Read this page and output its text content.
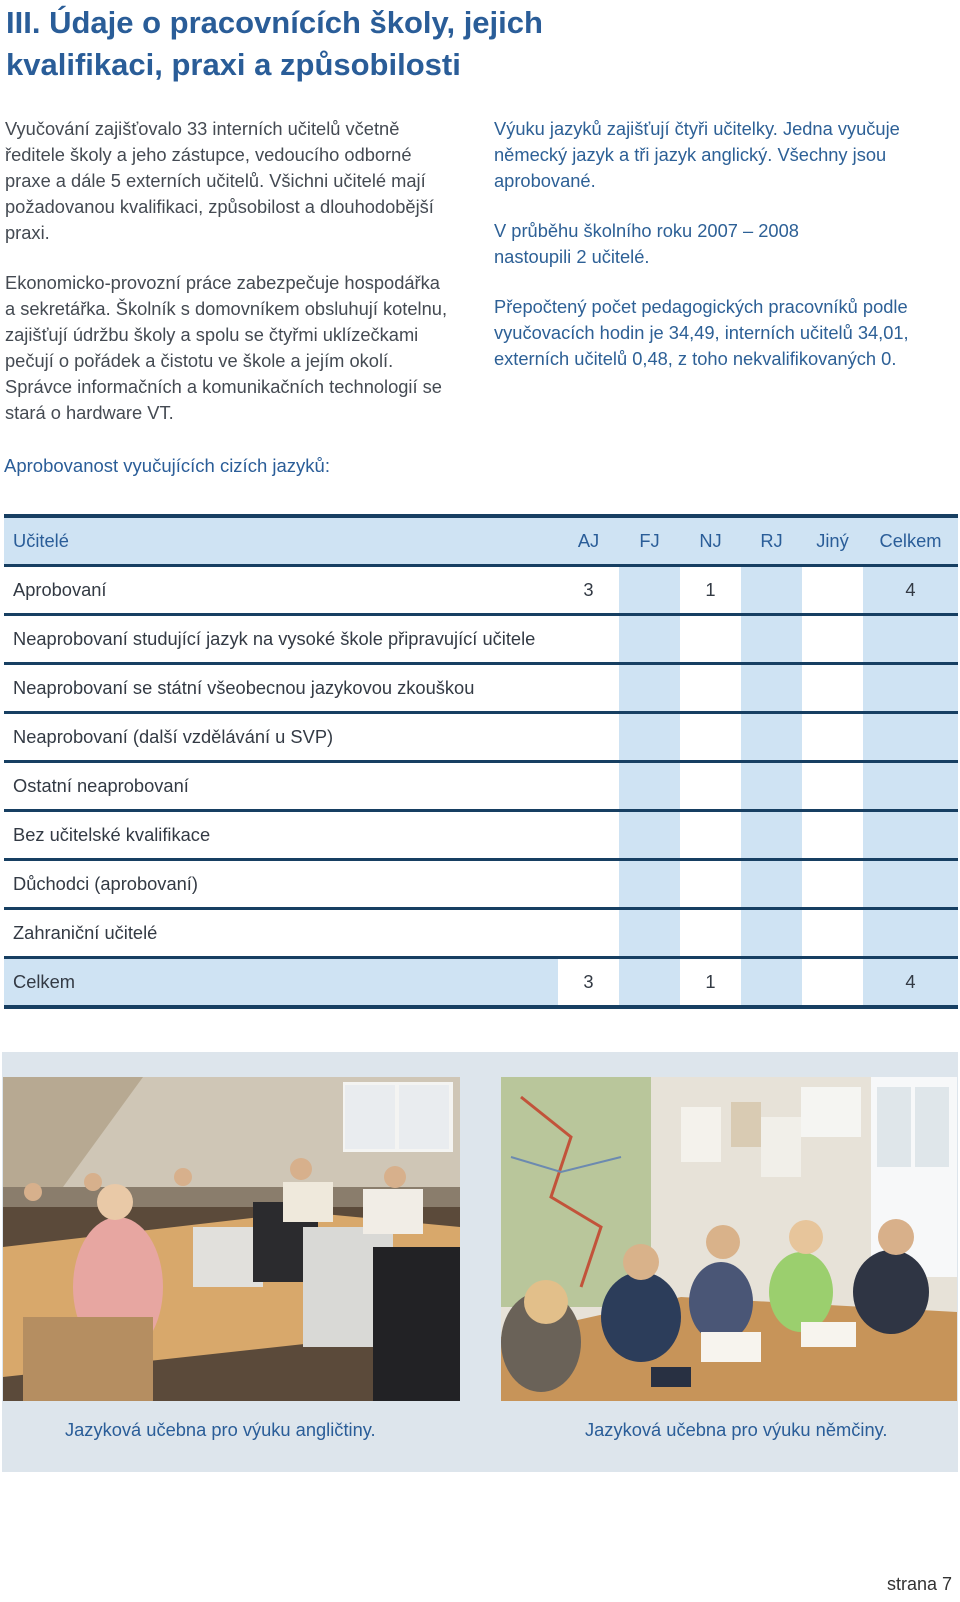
III. Údaje o pracovnících školy, jejich
kvalifikaci, praxi a způsobilosti

Vyučování zajišťovalo 33 interních učitelů včetně ředitele školy a jeho zástupce, vedoucího odborné praxe a dále 5 externích učitelů. Všichni učitelé mají požadovanou kvalifikaci, způsobilost a dlouhodobější praxi.

Ekonomicko-provozní práce zabezpečuje hospodářka a sekretářka. Školník s domovníkem obsluhují kotelnu, zajišťují údržbu školy a spolu se čtyřmi uklízečkami pečují o pořádek a čistotu ve škole a jejím okolí. Správce informačních a komunikačních technologií se stará o hardware VT.

Výuku jazyků zajišťují čtyři učitelky. Jedna vyučuje německý jazyk a tři jazyk anglický. Všechny jsou aprobované.

V průběhu školního roku 2007 – 2008
nastoupili 2 učitelé.

Přepočtený počet pedagogických pracovníků podle vyučovacích hodin je 34,49, interních učitelů 34,01, externích učitelů 0,48, z toho nekvalifikovaných 0.

Aprobovanost vyučujících cizích jazyků:
Učitelé	AJ	FJ	NJ	RJ	Jiný	Celkem
Aprobovaní	3		1			4
Neaprobovaní studující jazyk na vysoké škole připravující učitele						
Neaprobovaní se státní všeobecnou jazykovou zkouškou						
Neaprobovaní (další vzdělávání u SVP)						
Ostatní neaprobovaní						
Bez učitelské kvalifikace						
Důchodci (aprobovaní)						
Zahraniční učitelé						
Celkem	3		1			4
Jazyková učebna pro výuku angličtiny.	Jazyková učebna pro výuku němčiny.
strana 7
